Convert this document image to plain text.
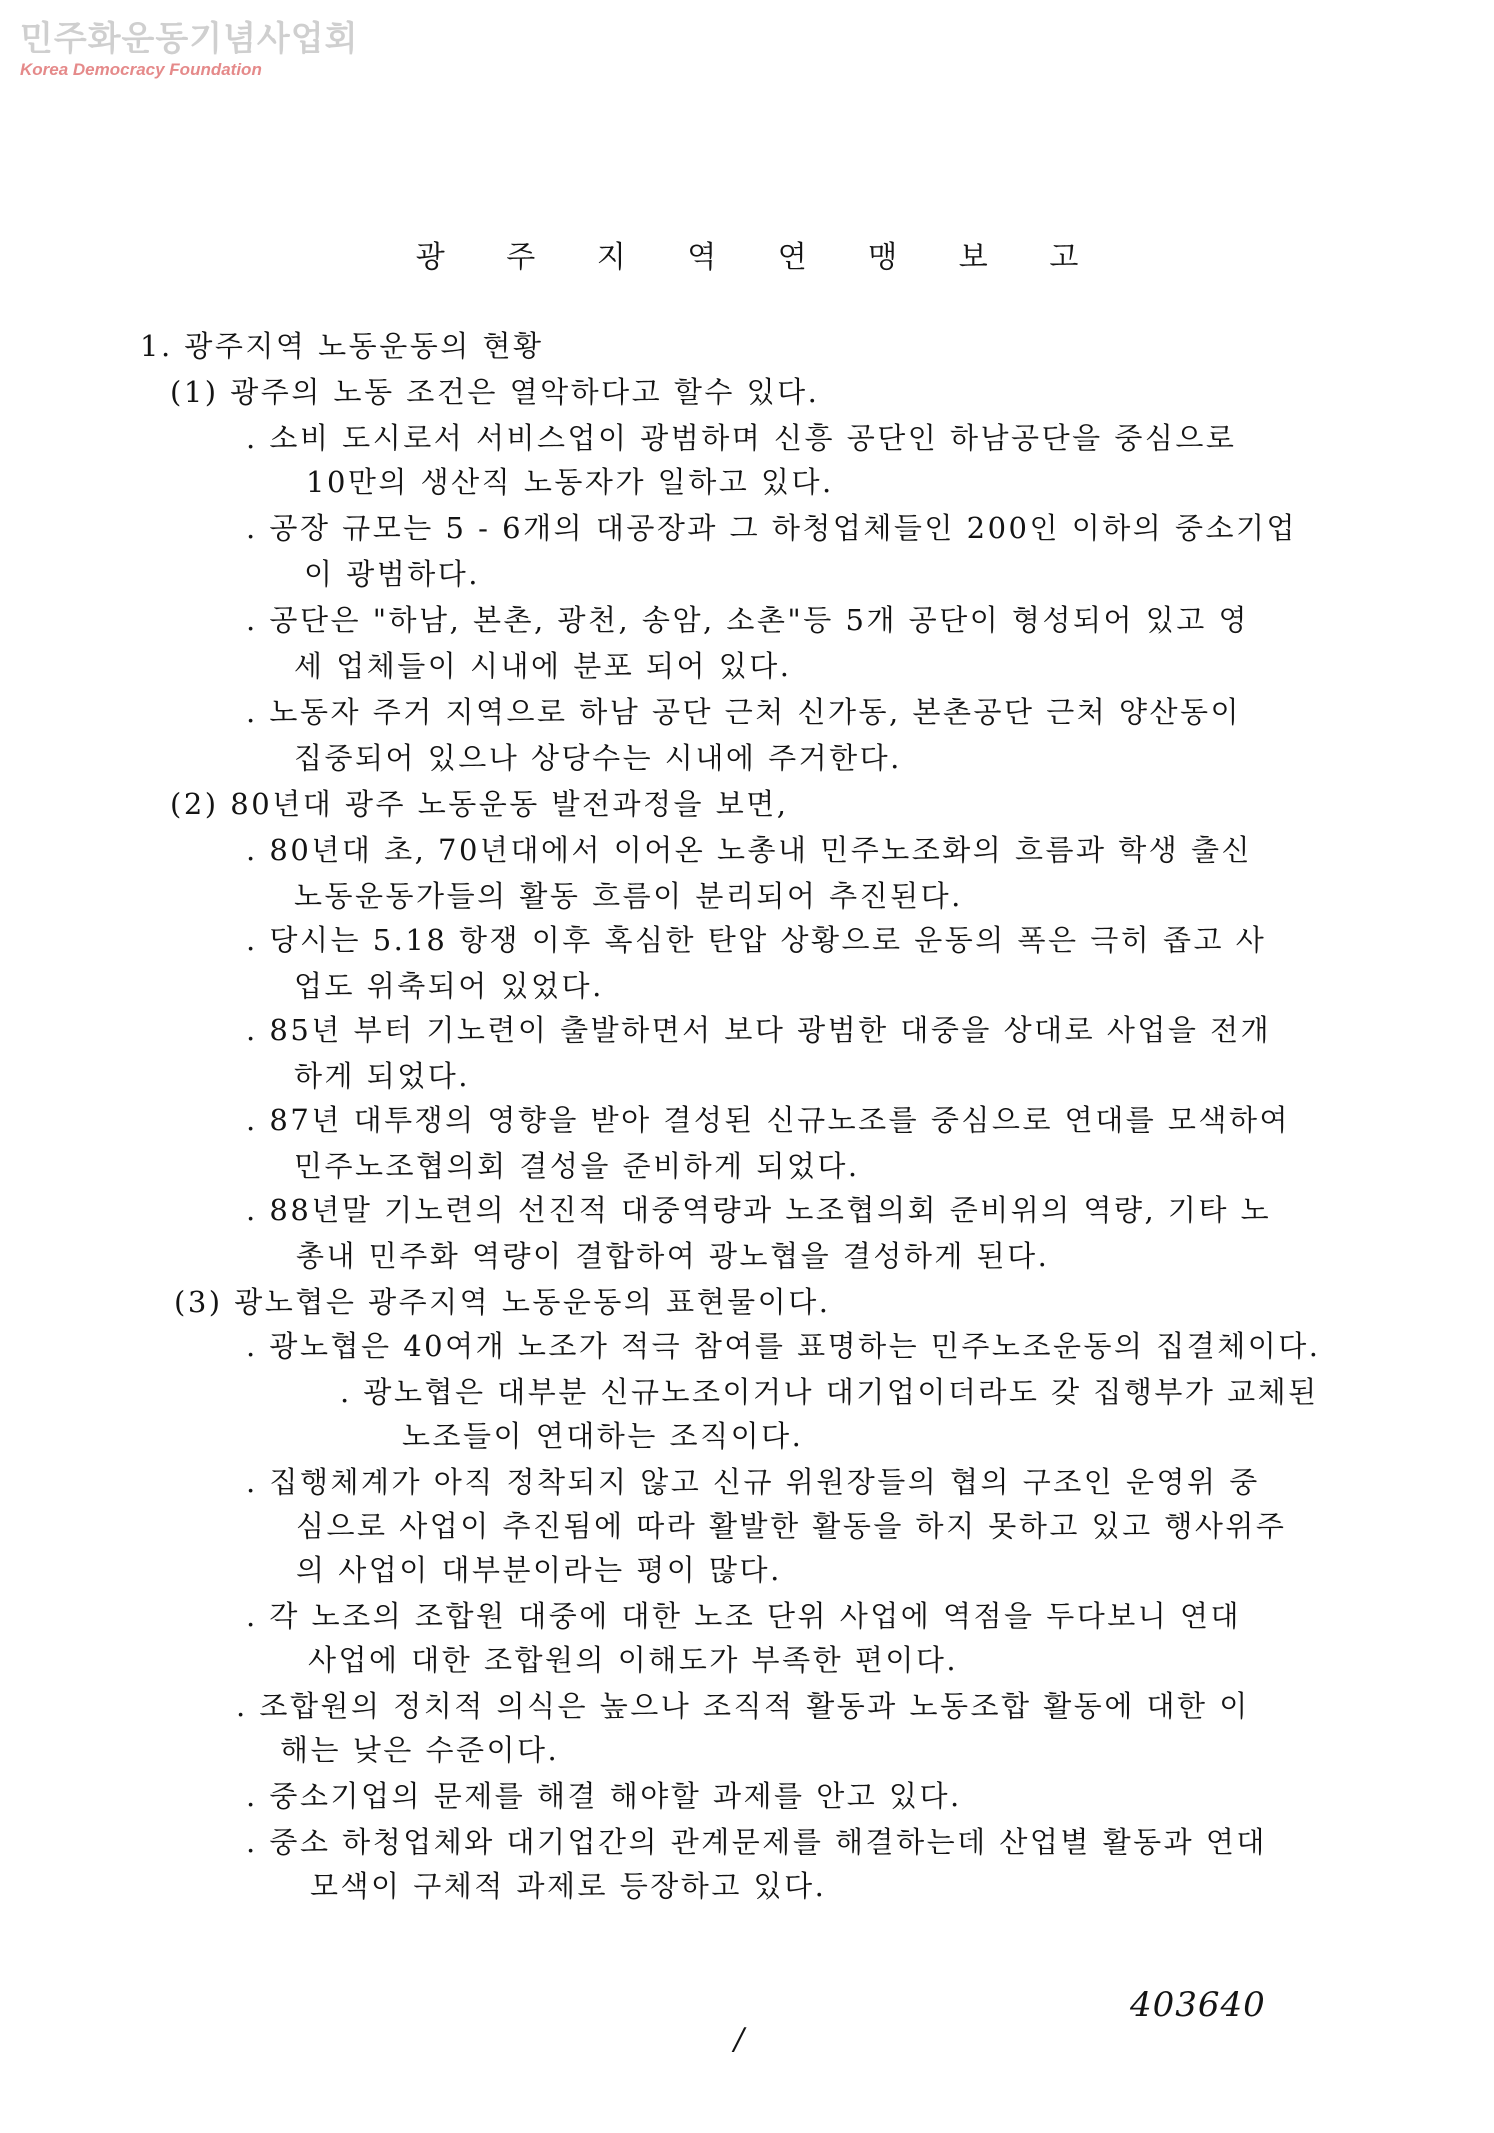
민주화운동기념사업회
Korea Democracy Foundation
광 주 지 역 연 맹 보 고
1. 광주지역 노동운동의 현황
(1) 광주의 노동 조건은 열악하다고 할수 있다.
. 소비 도시로서 서비스업이 광범하며 신흥 공단인 하남공단을 중심으로
10만의 생산직 노동자가 일하고 있다.
. 공장 규모는 5 - 6개의 대공장과 그 하청업체들인 200인 이하의 중소기업
이 광범하다.
. 공단은 "하남, 본촌, 광천, 송암, 소촌"등 5개 공단이 형성되어 있고 영
세 업체들이 시내에 분포 되어 있다.
. 노동자 주거 지역으로 하남 공단 근처 신가동, 본촌공단 근처 양산동이
집중되어 있으나 상당수는 시내에 주거한다.
(2) 80년대 광주 노동운동 발전과정을 보면,
. 80년대 초, 70년대에서 이어온 노총내 민주노조화의 흐름과 학생 출신
노동운동가들의 활동 흐름이 분리되어 추진된다.
. 당시는 5.18 항쟁 이후 혹심한 탄압 상황으로 운동의 폭은 극히 좁고 사
업도 위축되어 있었다.
. 85년 부터 기노련이 출발하면서 보다 광범한 대중을 상대로 사업을 전개
하게 되었다.
. 87년 대투쟁의 영향을 받아 결성된 신규노조를 중심으로 연대를 모색하여
민주노조협의회 결성을 준비하게 되었다.
. 88년말 기노련의 선진적 대중역량과 노조협의회 준비위의 역량, 기타 노
총내 민주화 역량이 결합하여 광노협을 결성하게 된다.
(3) 광노협은 광주지역 노동운동의 표현물이다.
. 광노협은 40여개 노조가 적극 참여를 표명하는 민주노조운동의 집결체이다.
. 광노협은 대부분 신규노조이거나 대기업이더라도 갖 집행부가 교체된
노조들이 연대하는 조직이다.
. 집행체계가 아직 정착되지 않고 신규 위원장들의 협의 구조인 운영위 중
심으로 사업이 추진됨에 따라 활발한 활동을 하지 못하고 있고 행사위주
의 사업이 대부분이라는 평이 많다.
. 각 노조의 조합원 대중에 대한 노조 단위 사업에 역점을 두다보니 연대
사업에 대한 조합원의 이해도가 부족한 편이다.
. 조합원의 정치적 의식은 높으나 조직적 활동과 노동조합 활동에 대한 이
해는 낮은 수준이다.
. 중소기업의 문제를 해결 해야할 과제를 안고 있다.
. 중소 하청업체와 대기업간의 관계문제를 해결하는데 산업별 활동과 연대
모색이 구체적 과제로 등장하고 있다.
403640
/
